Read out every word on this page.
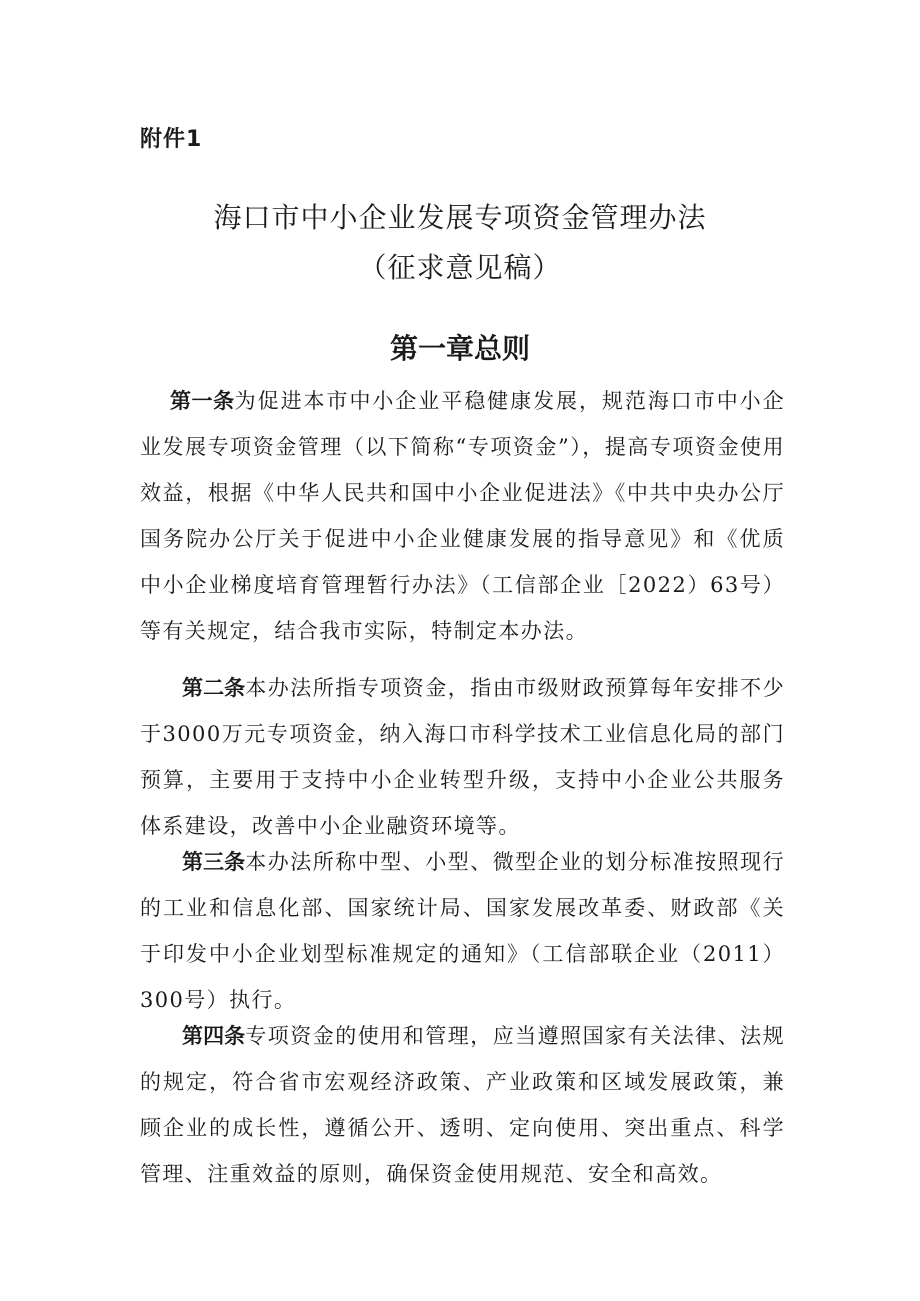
附件1
海口市中小企业发展专项资金管理办法
（征求意见稿）
第一章总则

第一条为促进本市中小企业平稳健康发展，规范海口市中小企业发展专项资金管理（以下简称“专项资金”），提高专项资金使用效益，根据《中华人民共和国中小企业促进法》《中共中央办公厅国务院办公厅关于促进中小企业健康发展的指导意见》和《优质中小企业梯度培育管理暂行办法》（工信部企业［2022）63号）等有关规定，结合我市实际，特制定本办法。

第二条本办法所指专项资金，指由市级财政预算每年安排不少于3000万元专项资金，纳入海口市科学技术工业信息化局的部门预算，主要用于支持中小企业转型升级，支持中小企业公共服务体系建设，改善中小企业融资环境等。

第三条本办法所称中型、小型、微型企业的划分标准按照现行的工业和信息化部、国家统计局、国家发展改革委、财政部《关于印发中小企业划型标准规定的通知》（工信部联企业（2011）300号）执行。

第四条专项资金的使用和管理，应当遵照国家有关法律、法规的规定，符合省市宏观经济政策、产业政策和区域发展政策，兼顾企业的成长性，遵循公开、透明、定向使用、突出重点、科学管理、注重效益的原则，确保资金使用规范、安全和高效。
